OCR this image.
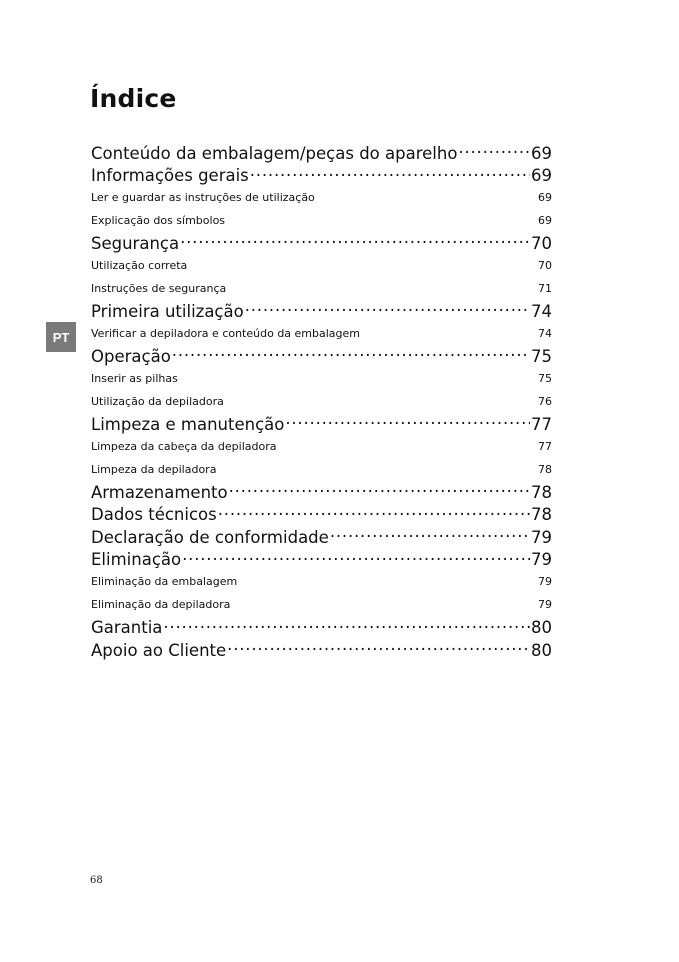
Índice
PT
Conteúdo da embalagem/peças do aparelho .....	69
Informações gerais .....	69
Ler e guardar as instruções de utilização .....	69
Explicação dos símbolos .....	69
Segurança .....	70
Utilização correta .....	70
Instruções de segurança .....	71
Primeira utilização .....	74
Verificar a depiladora e conteúdo da embalagem .....	74
Operação .....	75
Inserir as pilhas .....	75
Utilização da depiladora .....	76
Limpeza e manutenção .....	77
Limpeza da cabeça da depiladora .....	77
Limpeza da depiladora .....	78
Armazenamento .....	78
Dados técnicos .....	78
Declaração de conformidade .....	79
Eliminação .....	79
Eliminação da embalagem .....	79
Eliminação da depiladora .....	79
Garantia .....	80
Apoio ao Cliente .....	80
68
